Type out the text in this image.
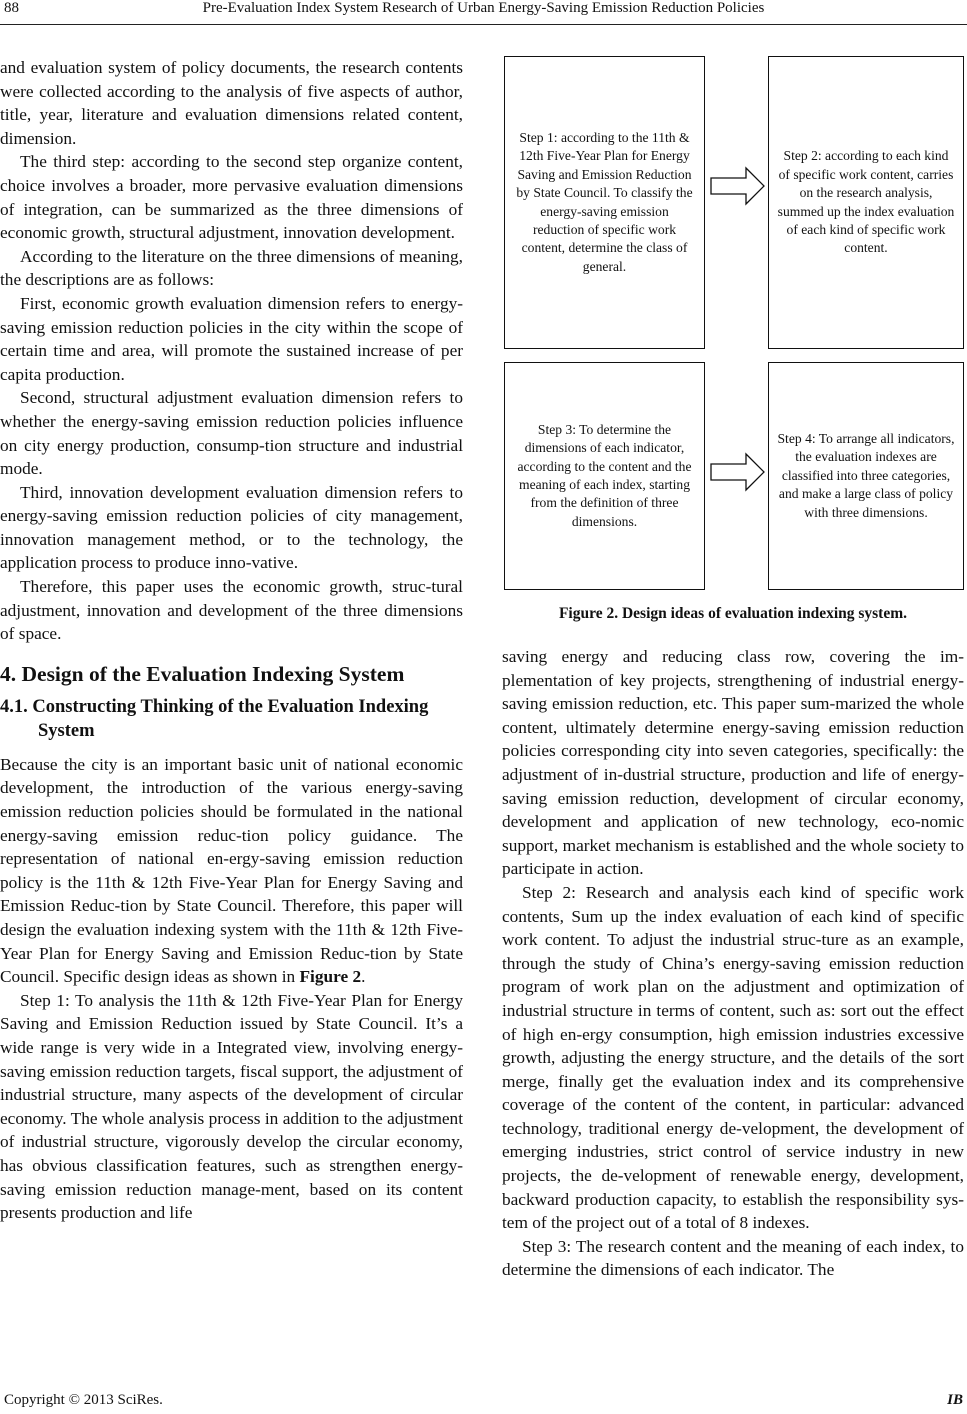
88	Pre-Evaluation Index System Research of Urban Energy-Saving Emission Reduction Policies

and evaluation system of policy documents, the research contents were collected according to the analysis of five aspects of author, title, year, literature and evaluation dimensions related content, dimension.

The third step: according to the second step organize content, choice involves a broader, more pervasive evaluation dimensions of integration, can be summarized as the three dimensions of economic growth, structural adjustment, innovation development.

According to the literature on the three dimensions of meaning, the descriptions are as follows:

First, economic growth evaluation dimension refers to energy-saving emission reduction policies in the city within the scope of certain time and area, will promote the sustained increase of per capita production.

Second, structural adjustment evaluation dimension refers to whether the energy-saving emission reduction policies influence on city energy production, consump-tion structure and industrial mode.

Third, innovation development evaluation dimension refers to energy-saving emission reduction policies of city management, innovation management method, or to the technology, the application process to produce inno-vative.

Therefore, this paper uses the economic growth, struc-tural adjustment, innovation and development of the three dimensions of space.

4. Design of the Evaluation Indexing System
4.1. Constructing Thinking of the Evaluation Indexing System

Because the city is an important basic unit of national economic development, the introduction of the various energy-saving emission reduction policies should be formulated in the national energy-saving emission reduc-tion policy guidance. The representation of national en-ergy-saving emission reduction policy is the 11th & 12th Five-Year Plan for Energy Saving and Emission Reduc-tion by State Council. Therefore, this paper will design the evaluation indexing system with the 11th & 12th Five-Year Plan for Energy Saving and Emission Reduc-tion by State Council. Specific design ideas as shown in Figure 2.

Step 1: To analysis the 11th & 12th Five-Year Plan for Energy Saving and Emission Reduction issued by State Council. It’s a wide range is very wide in a Integrated view, involving energy-saving emission reduction targets, fiscal support, the adjustment of industrial structure, many aspects of the development of circular economy. The whole analysis process in addition to the adjustment of industrial structure, vigorously develop the circular economy, has obvious classification features, such as strengthen energy-saving emission reduction manage-ment, based on its content presents production and life

Step 1: according to the 11th & 12th Five-Year Plan for Energy Saving and Emission Reduction by State Council. To classify the energy-saving emission reduction of specific work content, determine the class of general.
Step 2: according to each kind of specific work content, carries on the research analysis, summed up the index evaluation of each kind of specific work content.
Step 3: To determine the dimensions of each indicator, according to the content and the meaning of each index, starting from the definition of three dimensions.
Step 4: To arrange all indicators, the evaluation indexes are classified into three categories, and make a large class of policy with three dimensions.
Figure 2. Design ideas of evaluation indexing system.

saving energy and reducing class row, covering the im-plementation of key projects, strengthening of industrial energy-saving emission reduction, etc. This paper sum-marized the whole content, ultimately determine energy-saving emission reduction policies corresponding city into seven categories, specifically: the adjustment of in-dustrial structure, production and life of energy-saving emission reduction, development of circular economy, development and application of new technology, eco-nomic support, market mechanism is established and the whole society to participate in action.

Step 2: Research and analysis each kind of specific work contents, Sum up the index evaluation of each kind of specific work content. To adjust the industrial struc-ture as an example, through the study of China’s energy-saving emission reduction program of work plan on the adjustment and optimization of industrial structure in terms of content, such as: sort out the effect of high en-ergy consumption, high emission industries excessive growth, adjusting the energy structure, and the details of the sort merge, finally get the evaluation index and its comprehensive coverage of the content of the content, in particular: advanced technology, traditional energy de-velopment, the development of emerging industries, strict control of service industry in new projects, the de-velopment of renewable energy, development, backward production capacity, to establish the responsibility sys-tem of the project out of a total of 8 indexes.

Step 3: The research content and the meaning of each index, to determine the dimensions of each indicator. The

Copyright © 2013 SciRes.	IB
